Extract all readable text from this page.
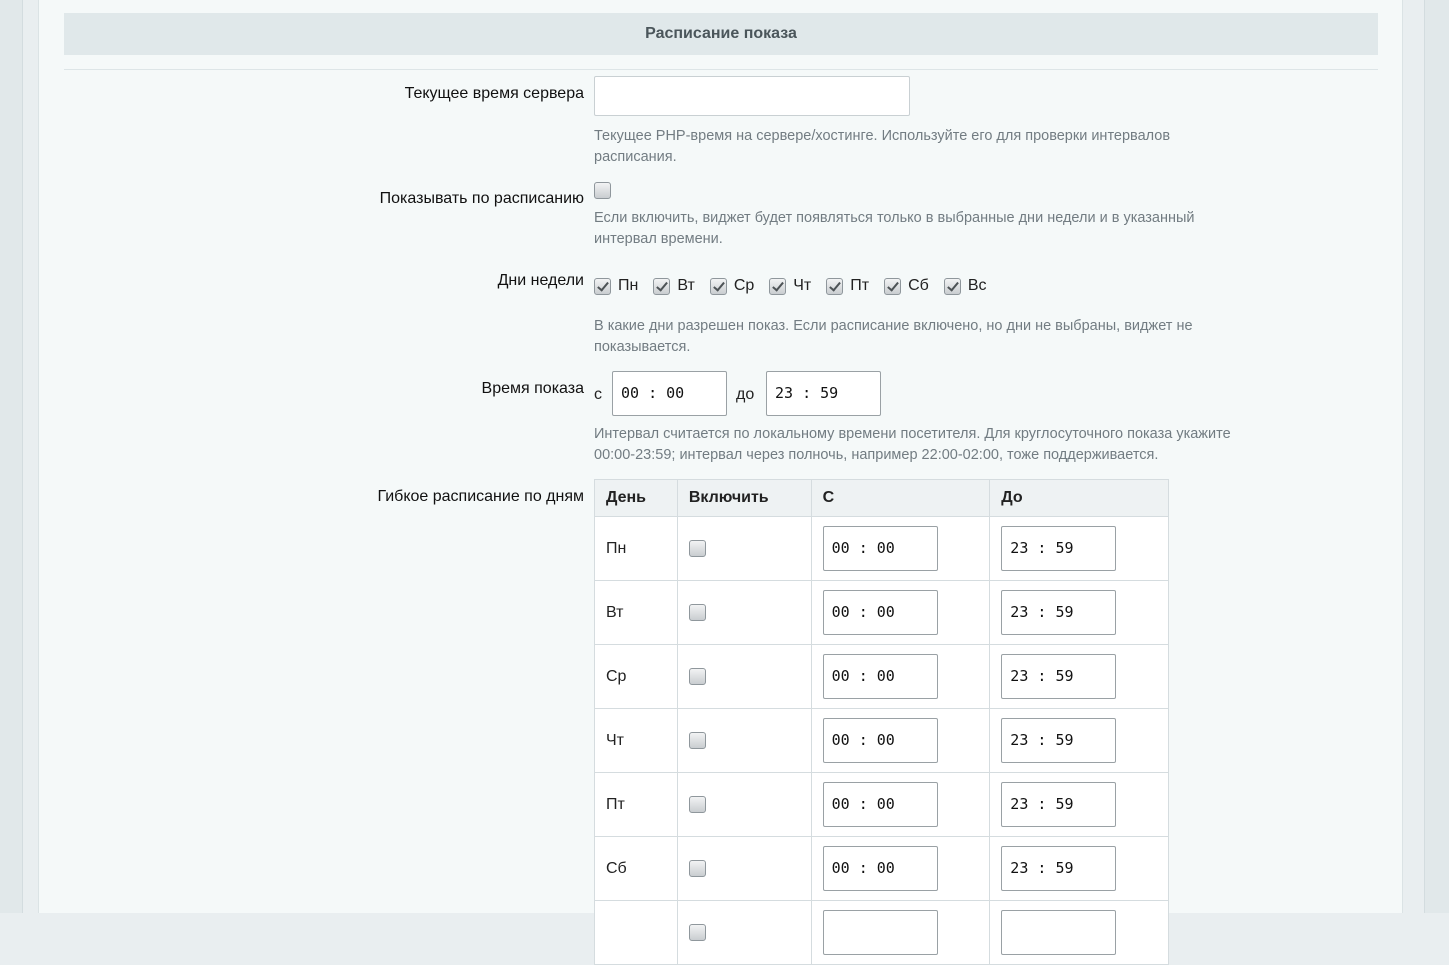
Расписание показа
Текущее время сервера
Текущее PHP-время на сервере/хостинге. Используйте его для проверки интервалов расписания.
Показывать по расписанию
Если включить, виджет будет появляться только в выбранные дни недели и в указанный интервал времени.
Дни недели Пн Вт Ср Чт Пт Сб Вс
В какие дни разрешен показ. Если расписание включено, но дни не выбраны, виджет не показывается.
Время показа с	00 : 00	до	23 : 59
Интервал считается по локальному времени посетителя. Для круглосуточного показа укажите 00:00-23:59; интервал через полночь, например 22:00-02:00, тоже поддерживается.
Гибкое расписание по дням День	Включить	С	До
Пн		00 : 00	23 : 59

Вт		00 : 00	23 : 59

Ср		00 : 00	23 : 59

Чт		00 : 00	23 : 59

Пт		00 : 00	23 : 59

Сб		00 : 00	23 : 59
